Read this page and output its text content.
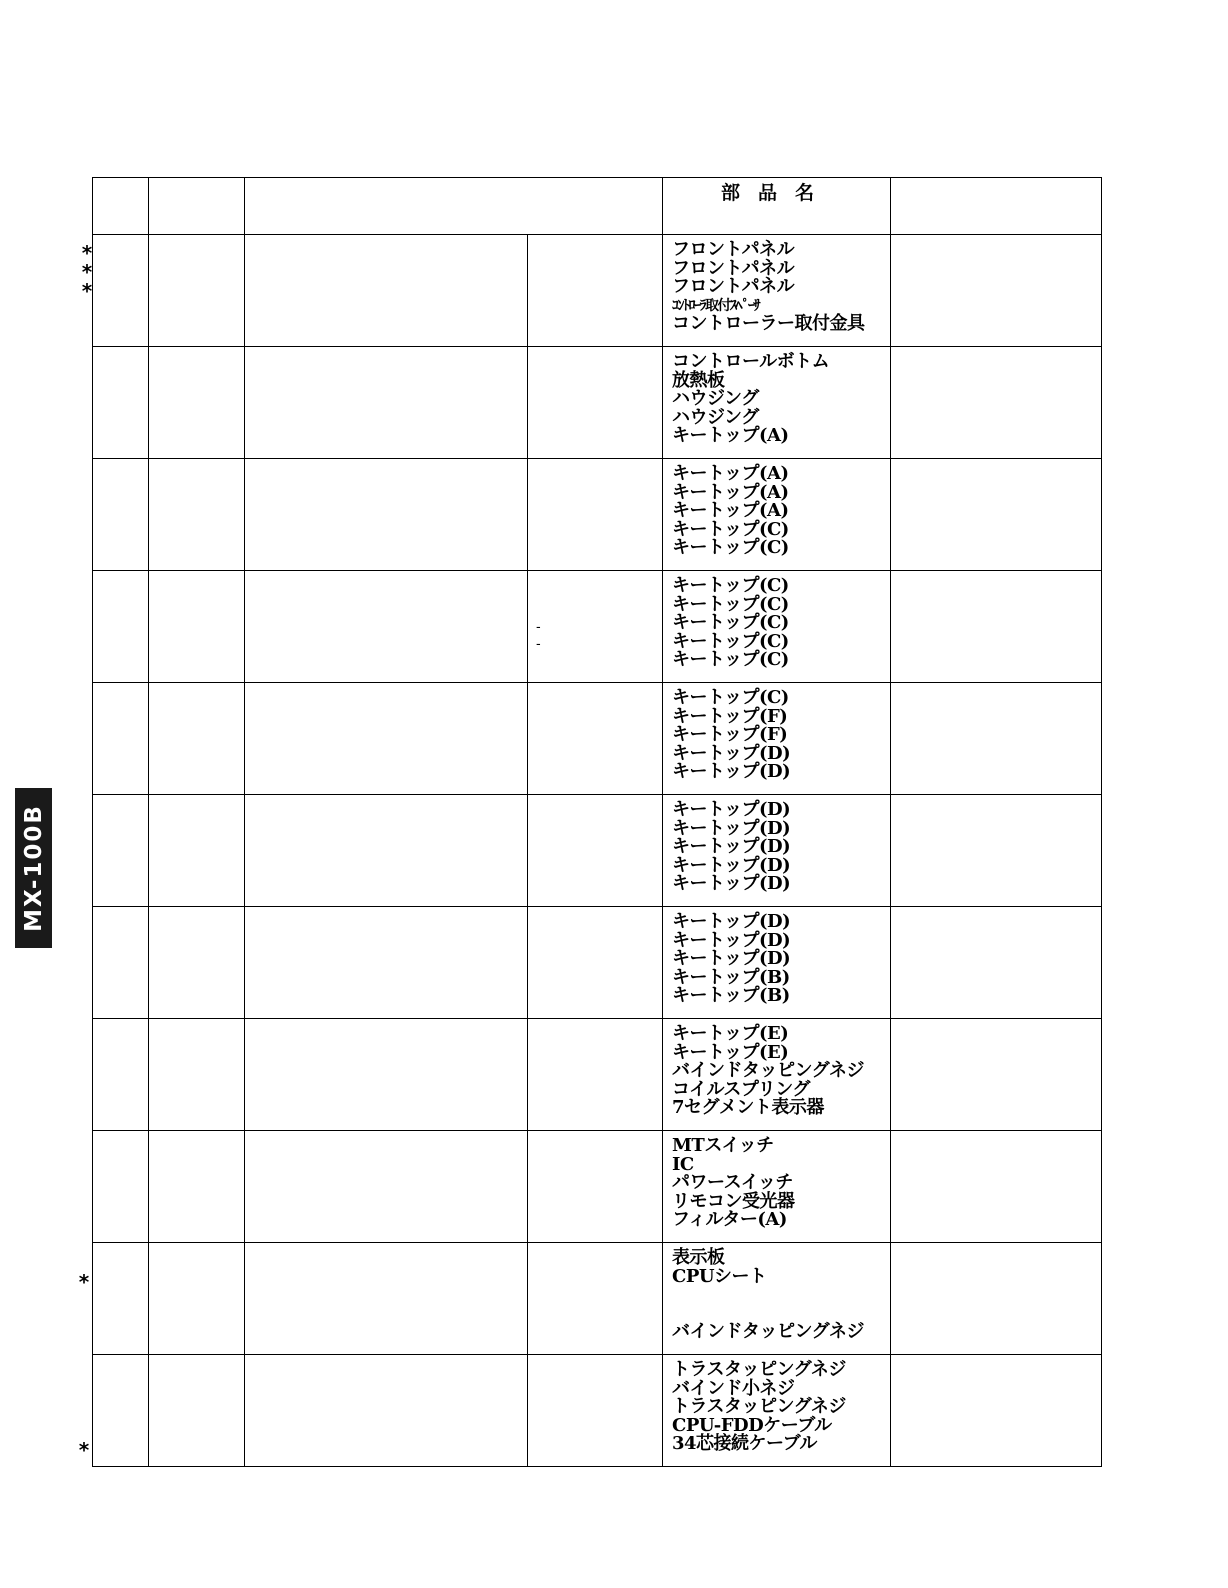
				部品名	

				フロントパネル
フロントパネル
フロントパネル
ｺﾝﾄﾛｰﾗ取付ｽﾍﾟｰｻ
コントローラー取付金具	

				コントロールボトム
放熱板
ハウジング
ハウジング
キートップ(A)	

				キートップ(A)
キートップ(A)
キートップ(A)
キートップ(C)
キートップ(C)	

				キートップ(C)
キートップ(C)
キートップ(C)
キートップ(C)
キートップ(C)	

				キートップ(C)
キートップ(F)
キートップ(F)
キートップ(D)
キートップ(D)	

				キートップ(D)
キートップ(D)
キートップ(D)
キートップ(D)
キートップ(D)	

				キートップ(D)
キートップ(D)
キートップ(D)
キートップ(B)
キートップ(B)	

				キートップ(E)
キートップ(E)
バインドタッピングネジ
コイルスプリング
7セグメント表示器	

				MTスイッチ
IC
パワースイッチ
リモコン受光器
フィルター(A)	

				表示板
CPUシート
バインドタッピングネジ	

				トラスタッピングネジ
バインド小ネジ
トラスタッピングネジ
CPU-FDDケーブル
34芯接続ケーブル	

*
*
*
*
*
-
-
MX-100B
